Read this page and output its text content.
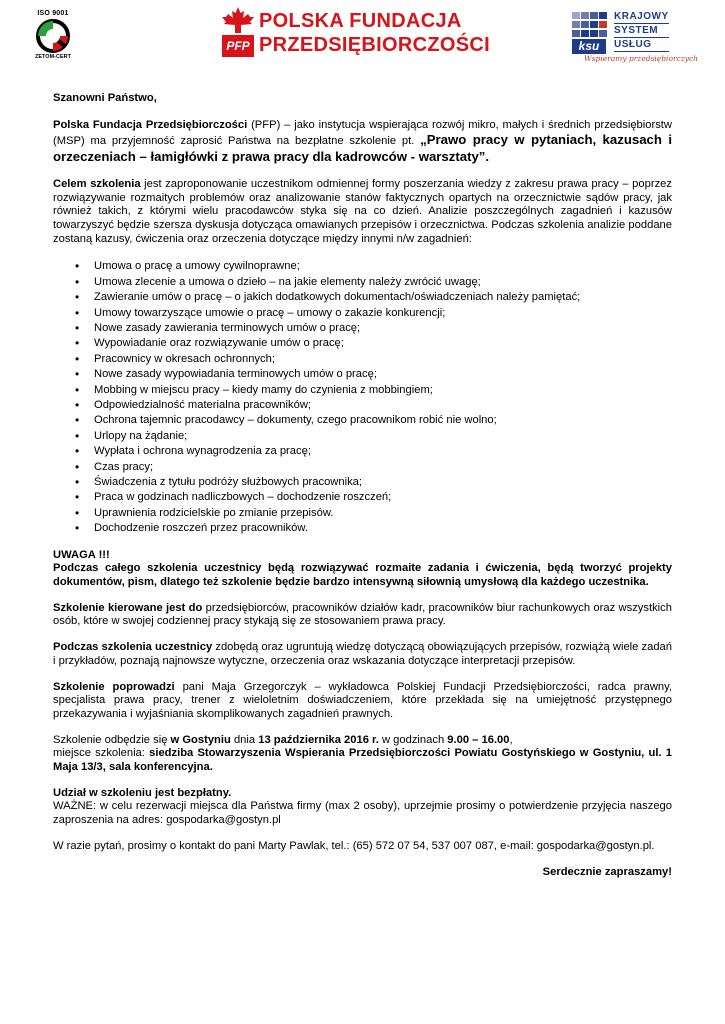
ISO 9001
ZETOM-CERT
PFP
POLSKA FUNDACJA
PRZEDSIĘBIORCZOŚCI	ksu
KRAJOWY
SYSTEM
USŁUG
Wspieramy przedsiębiorczych

Szanowni Państwo,

Polska Fundacja Przedsiębiorczości (PFP) – jako instytucja wspierająca rozwój mikro, małych i średnich przedsiębiorstw (MSP) ma przyjemność zaprosić Państwa na bezpłatne szkolenie pt. „Prawo pracy w pytaniach, kazusach i orzeczeniach – łamigłówki z prawa pracy dla kadrowców - warsztaty”.

Celem szkolenia jest zaproponowanie uczestnikom odmiennej formy poszerzania wiedzy z zakresu prawa pracy – poprzez rozwiązywanie rozmaitych problemów oraz analizowanie stanów faktycznych opartych na orzecznictwie sądów pracy, jak również takich, z którymi wielu pracodawców styka się na co dzień. Analizie poszczególnych zagadnień i kazusów towarzyszyć będzie szersza dyskusja dotycząca omawianych przepisów i orzecznictwa. Podczas szkolenia analizie poddane zostaną kazusy, ćwiczenia oraz orzeczenia dotyczące między innymi n/w zagadnień:

• Umowa o pracę a umowy cywilnoprawne;
• Umowa zlecenie a umowa o dzieło – na jakie elementy należy zwrócić uwagę;
• Zawieranie umów o pracę – o jakich dodatkowych dokumentach/oświadczeniach należy pamiętać;
• Umowy towarzyszące umowie o pracę – umowy o zakazie konkurencji;
• Nowe zasady zawierania terminowych umów o pracę;
• Wypowiadanie oraz rozwiązywanie umów o pracę;
• Pracownicy w okresach ochronnych;
• Nowe zasady wypowiadania terminowych umów o pracę;
• Mobbing w miejscu pracy – kiedy mamy do czynienia z mobbingiem;
• Odpowiedzialność materialna pracowników;
• Ochrona tajemnic pracodawcy – dokumenty, czego pracownikom robić nie wolno;
• Urlopy na żądanie;
• Wypłata i ochrona wynagrodzenia za pracę;
• Czas pracy;
• Świadczenia z tytułu podróży służbowych pracownika;
• Praca w godzinach nadliczbowych – dochodzenie roszczeń;
• Uprawnienia rodzicielskie po zmianie przepisów.
• Dochodzenie roszczeń przez pracowników.

UWAGA !!!

Podczas całego szkolenia uczestnicy będą rozwiązywać rozmaite zadania i ćwiczenia, będą tworzyć projekty dokumentów, pism, dlatego też szkolenie będzie bardzo intensywną siłownią umysłową dla każdego uczestnika.

Szkolenie kierowane jest do przedsiębiorców, pracowników działów kadr, pracowników biur rachunkowych oraz wszystkich osób, które w swojej codziennej pracy stykają się ze stosowaniem prawa pracy.

Podczas szkolenia uczestnicy zdobędą oraz ugruntują wiedzę dotyczącą obowiązujących przepisów, rozwiążą wiele zadań i przykładów, poznają najnowsze wytyczne, orzeczenia oraz wskazania dotyczące interpretacji przepisów.

Szkolenie poprowadzi pani Maja Grzegorczyk – wykładowca Polskiej Fundacji Przedsiębiorczości, radca prawny, specjalista prawa pracy, trener z wieloletnim doświadczeniem, które przekłada się na umiejętność przystępnego przekazywania i wyjaśniania skomplikowanych zagadnień prawnych.

Szkolenie odbędzie się w Gostyniu dnia 13 października 2016 r. w godzinach 9.00 – 16.00,

miejsce szkolenia: siedziba Stowarzyszenia Wspierania Przedsiębiorczości Powiatu Gostyńskiego w Gostyniu, ul. 1 Maja 13/3, sala konferencyjna.

Udział w szkoleniu jest bezpłatny.

WAŻNE: w celu rezerwacji miejsca dla Państwa firmy (max 2 osoby), uprzejmie prosimy o potwierdzenie przyjęcia naszego zaproszenia na adres: gospodarka@gostyn.pl

W razie pytań, prosimy o kontakt do pani Marty Pawlak, tel.: (65) 572 07 54, 537 007 087, e-mail: gospodarka@gostyn.pl.

Serdecznie zapraszamy!
